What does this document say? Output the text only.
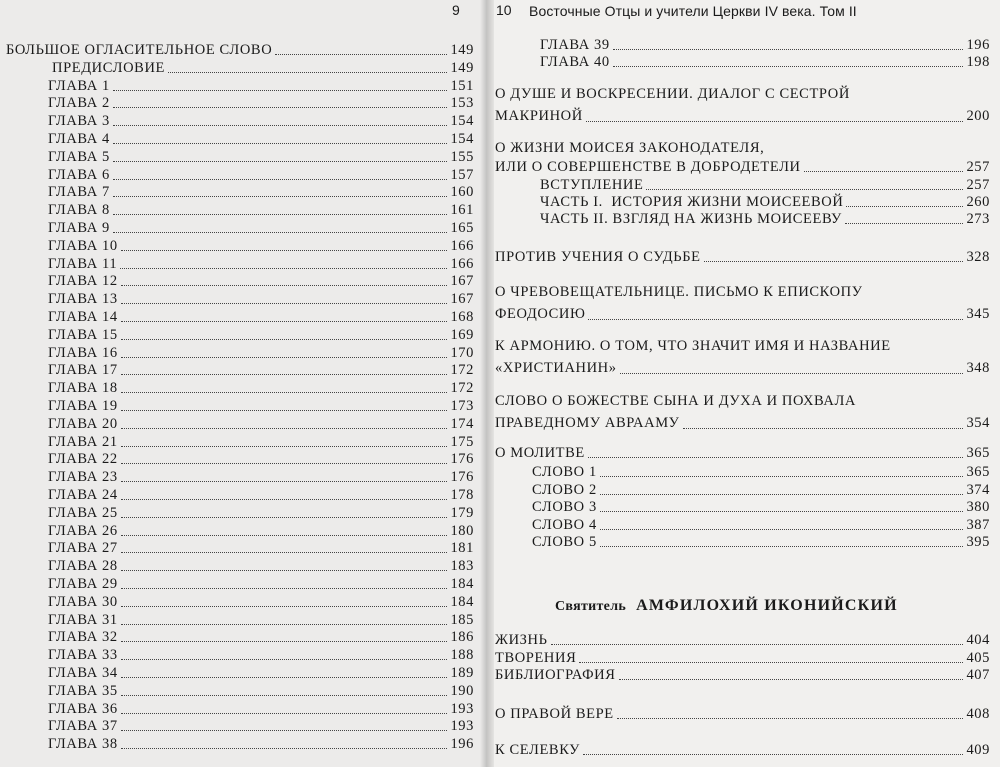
9
БОЛЬШОЕ ОГЛАСИТЕЛЬНОЕ СЛОВО	149
ПРЕДИСЛОВИЕ	149
ГЛАВА 1	151
ГЛАВА 2	153
ГЛАВА 3	154
ГЛАВА 4	154
ГЛАВА 5	155
ГЛАВА 6	157
ГЛАВА 7	160
ГЛАВА 8	161
ГЛАВА 9	165
ГЛАВА 10	166
ГЛАВА 11	166
ГЛАВА 12	167
ГЛАВА 13	167
ГЛАВА 14	168
ГЛАВА 15	169
ГЛАВА 16	170
ГЛАВА 17	172
ГЛАВА 18	172
ГЛАВА 19	173
ГЛАВА 20	174
ГЛАВА 21	175
ГЛАВА 22	176
ГЛАВА 23	176
ГЛАВА 24	178
ГЛАВА 25	179
ГЛАВА 26	180
ГЛАВА 27	181
ГЛАВА 28	183
ГЛАВА 29	184
ГЛАВА 30	184
ГЛАВА 31	185
ГЛАВА 32	186
ГЛАВА 33	188
ГЛАВА 34	189
ГЛАВА 35	190
ГЛАВА 36	193
ГЛАВА 37	193
ГЛАВА 38	196
10 Восточные Отцы и учители Церкви IV века. Том II
ГЛАВА 39	196
ГЛАВА 40	198
О ДУШЕ И ВОСКРЕСЕНИИ. ДИАЛОГ С СЕСТРОЙ
МАКРИНОЙ	200
О ЖИЗНИ МОИСЕЯ ЗАКОНОДАТЕЛЯ,
ИЛИ О СОВЕРШЕНСТВЕ В ДОБРОДЕТЕЛИ	257
ВСТУПЛЕНИЕ	257
ЧАСТЬ I.  ИСТОРИЯ ЖИЗНИ МОИСЕЕВОЙ	260
ЧАСТЬ II. ВЗГЛЯД НА ЖИЗНЬ МОИСЕЕВУ	273
ПРОТИВ УЧЕНИЯ О СУДЬБЕ	328
О ЧРЕВОВЕЩАТЕЛЬНИЦЕ. ПИСЬМО К ЕПИСКОПУ
ФЕОДОСИЮ	345
К АРМОНИЮ. О ТОМ, ЧТО ЗНАЧИТ ИМЯ И НАЗВАНИЕ
«ХРИСТИАНИН»	348
СЛОВО О БОЖЕСТВЕ СЫНА И ДУХА И ПОХВАЛА
ПРАВЕДНОМУ АВРААМУ	354
О МОЛИТВЕ	365
СЛОВО 1	365
СЛОВО 2	374
СЛОВО 3	380
СЛОВО 4	387
СЛОВО 5	395
Святитель АМФИЛОХИЙ ИКОНИЙСКИЙ
ЖИЗНЬ	404
ТВОРЕНИЯ	405
БИБЛИОГРАФИЯ	407
О ПРАВОЙ ВЕРЕ	408
К СЕЛЕВКУ	409
